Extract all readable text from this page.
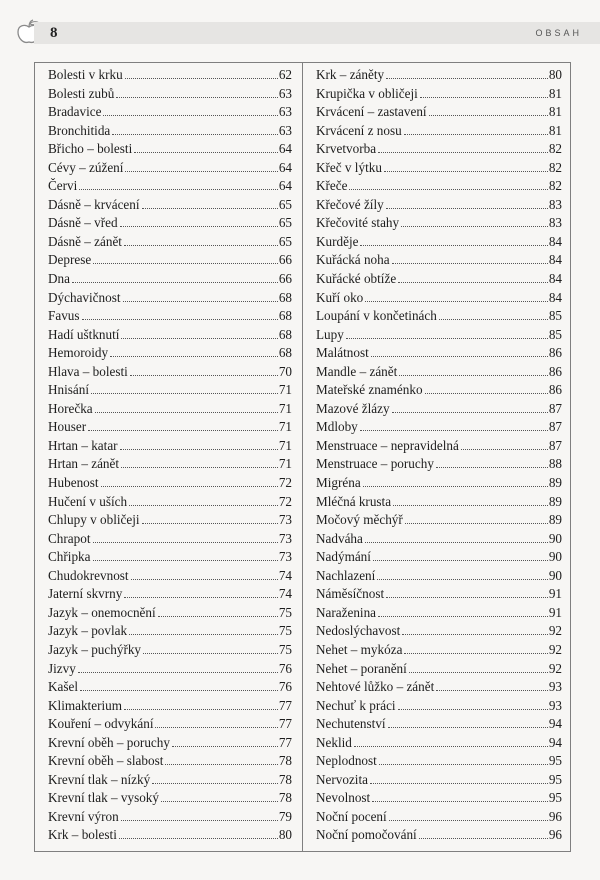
8	OBSAH
Bolesti v krku	62
Bolesti zubů	63
Bradavice	63
Bronchitida	63
Břicho – bolesti	64
Cévy – zúžení	64
Červi	64
Dásně – krvácení	65
Dásně – vřed	65
Dásně – zánět	65
Deprese	66
Dna	66
Dýchavičnost	68
Favus	68
Hadí uštknutí	68
Hemoroidy	68
Hlava – bolesti	70
Hnisání	71
Horečka	71
Houser	71
Hrtan – katar	71
Hrtan – zánět	71
Hubenost	72
Hučení v uších	72
Chlupy v obličeji	73
Chrapot	73
Chřipka	73
Chudokrevnost	74
Jaterní skvrny	74
Jazyk – onemocnění	75
Jazyk – povlak	75
Jazyk – puchýřky	75
Jizvy	76
Kašel	76
Klimakterium	77
Kouření – odvykání	77
Krevní oběh – poruchy	77
Krevní oběh – slabost	78
Krevní tlak – nízký	78
Krevní tlak – vysoký	78
Krevní výron	79
Krk – bolesti	80
Krk – záněty	80
Krupička v obličeji	81
Krvácení – zastavení	81
Krvácení z nosu	81
Krvetvorba	82
Křeč v lýtku	82
Křeče	82
Křečové žíly	83
Křečovité stahy	83
Kurděje	84
Kuřácká noha	84
Kuřácké obtíže	84
Kuří oko	84
Loupání v končetinách	85
Lupy	85
Malátnost	86
Mandle – zánět	86
Mateřské znaménko	86
Mazové žlázy	87
Mdloby	87
Menstruace – nepravidelná	87
Menstruace – poruchy	88
Migréna	89
Mléčná krusta	89
Močový měchýř	89
Nadváha	90
Nadýmání	90
Nachlazení	90
Náměsíčnost	91
Naraženina	91
Nedoslýchavost	92
Nehet – mykóza	92
Nehet – poranění	92
Nehtové lůžko – zánět	93
Nechuť k práci	93
Nechutenství	94
Neklid	94
Neplodnost	95
Nervozita	95
Nevolnost	95
Noční pocení	96
Noční pomočování	96
